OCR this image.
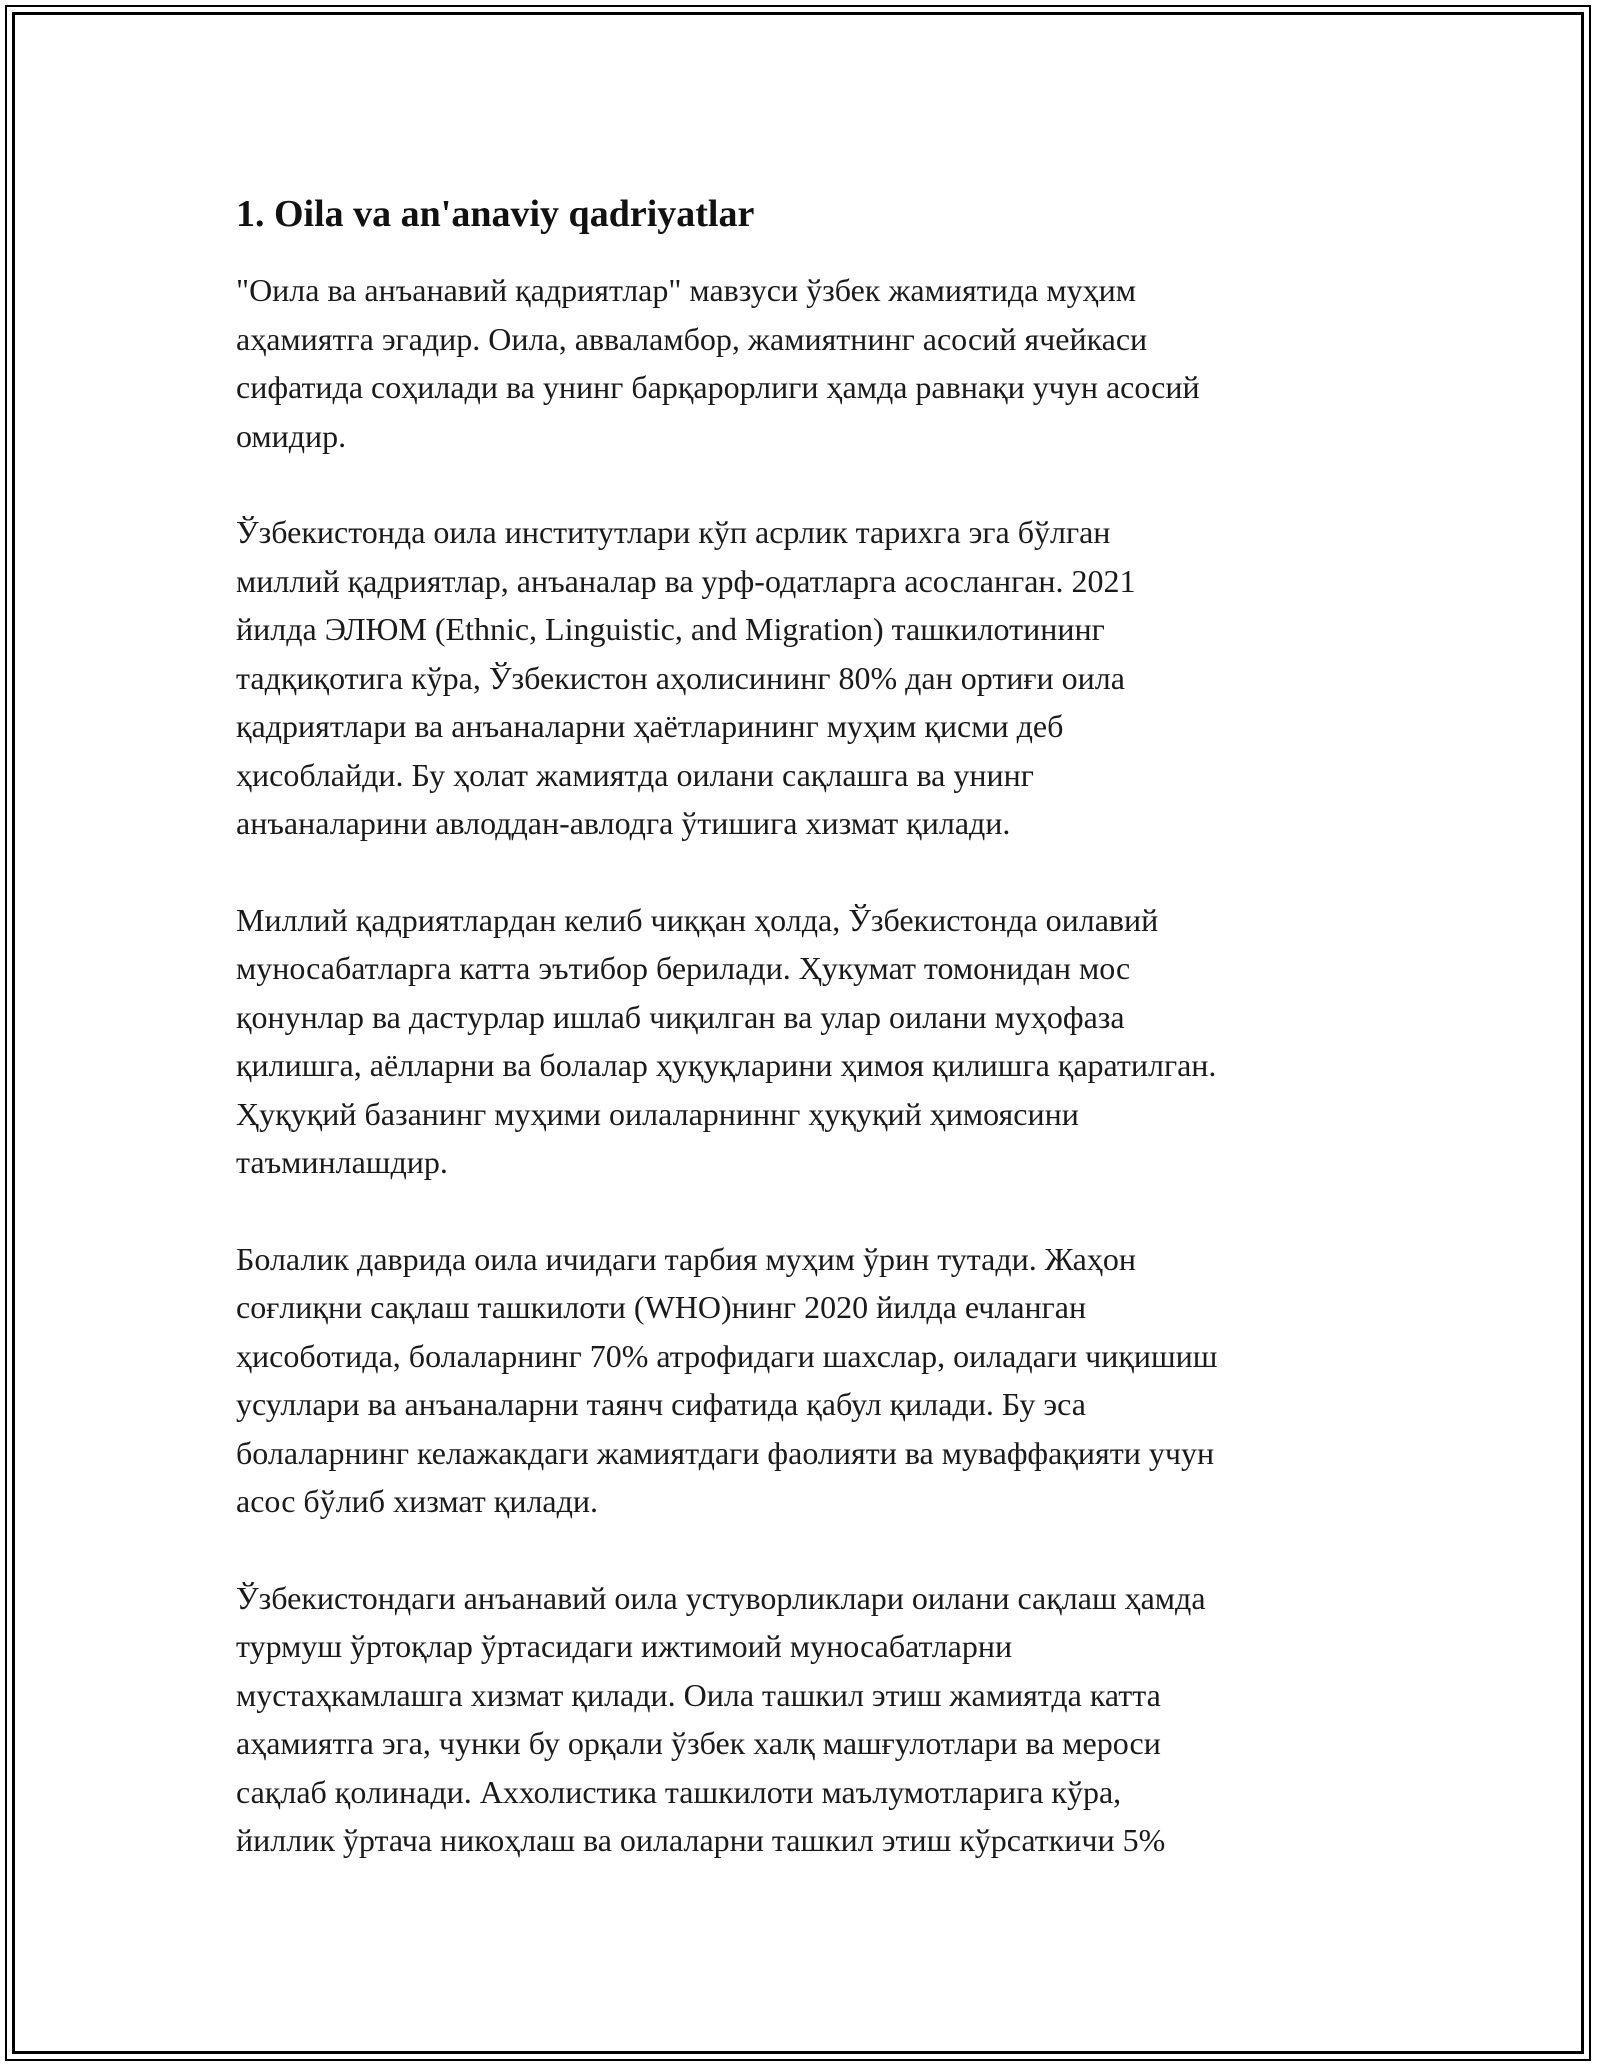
1. Oila va an'anaviy qadriyatlar

"Оила ва анъанавий қадриятлар" мавзуси ўзбек жамиятида муҳим
аҳамиятга эгадир. Оила, авваламбор, жамиятнинг асосий ячейкаси
сифатида соҳилади ва унинг барқарорлиги ҳамда равнақи учун асосий
омидир.

Ўзбекистонда оила институтлари кўп асрлик тарихга эга бўлган
миллий қадриятлар, анъаналар ва урф-одатларга асосланган. 2021
йилда ЭЛЮМ (Ethnic, Linguistic, and Migration) ташкилотининг
тадқиқотига кўра, Ўзбекистон аҳолисининг 80% дан ортиғи оила
қадриятлари ва анъаналарни ҳаётларининг муҳим қисми деб
ҳисоблайди. Бу ҳолат жамиятда оилани сақлашга ва унинг
анъаналарини авлоддан-авлодга ўтишига хизмат қилади.

Миллий қадриятлардан келиб чиққан ҳолда, Ўзбекистонда оилавий
муносабатларга катта эътибор берилади. Ҳукумат томонидан мос
қонунлар ва дастурлар ишлаб чиқилган ва улар оилани муҳофаза
қилишга, аёлларни ва болалар ҳуқуқларини ҳимоя қилишга қаратилган.
Ҳуқуқий базанинг муҳими оилаларниннг ҳуқуқий ҳимоясини
таъминлашдир.

Болалик даврида оила ичидаги тарбия муҳим ўрин тутади. Жаҳон
соғлиқни сақлаш ташкилоти (WHO)нинг 2020 йилда ечланган
ҳисоботида, болаларнинг 70% атрофидаги шахслар, оиладаги чиқишиш
усуллари ва анъаналарни таянч сифатида қабул қилади. Бу эса
болаларнинг келажакдаги жамиятдаги фаолияти ва муваффақияти учун
асос бўлиб хизмат қилади.

Ўзбекистондаги анъанавий оила устуворликлари оилани сақлаш ҳамда
турмуш ўртоқлар ўртасидаги ижтимоий муносабатларни
мустаҳкамлашга хизмат қилади. Оила ташкил этиш жамиятда катта
аҳамиятга эга, чунки бу орқали ўзбек халқ машғулотлари ва мероси
сақлаб қолинади. Аххолистика ташкилоти маълумотларига кўра,
йиллик ўртача никоҳлаш ва оилаларни ташкил этиш кўрсаткичи 5%
